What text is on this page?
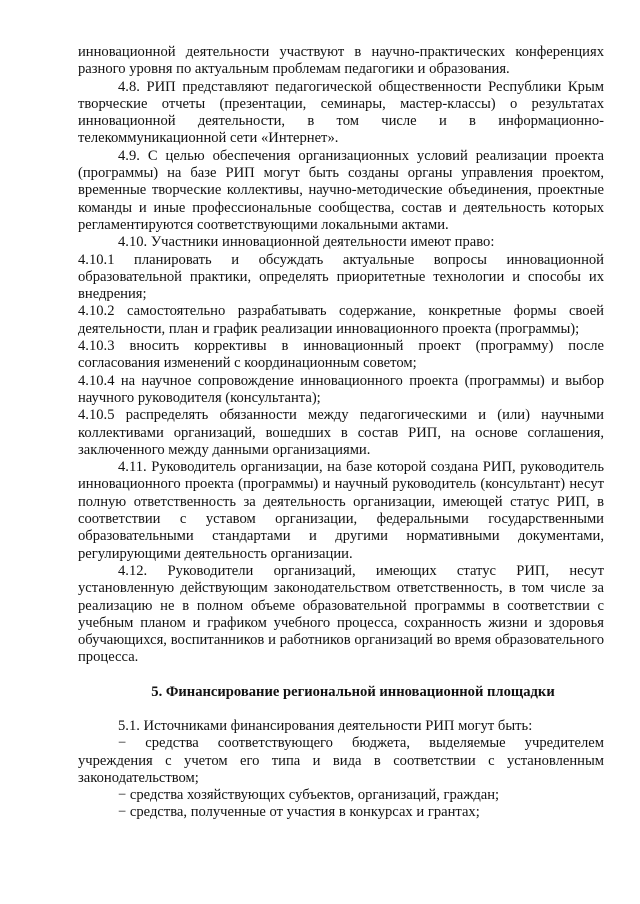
инновационной деятельности участвуют в научно-практических конференциях разного уровня по актуальным проблемам педагогики и образования.

4.8. РИП представляют педагогической общественности Республики Крым творческие отчеты (презентации, семинары, мастер-классы) о результатах инновационной деятельности, в том числе и в информационно-телекоммуникационной сети «Интернет».

4.9. С целью обеспечения организационных условий реализации проекта (программы) на базе РИП могут быть созданы органы управления проектом, временные творческие коллективы, научно-методические объединения, проектные команды и иные профессиональные сообщества, состав и деятельность которых регламентируются соответствующими локальными актами.

4.10. Участники инновационной деятельности имеют право:

4.10.1 планировать и обсуждать актуальные вопросы инновационной образовательной практики, определять приоритетные технологии и способы их внедрения;

4.10.2 самостоятельно разрабатывать содержание, конкретные формы своей деятельности, план и график реализации инновационного проекта (программы);

4.10.3 вносить коррективы в инновационный проект (программу) после согласования изменений с координационным советом;

4.10.4 на научное сопровождение инновационного проекта (программы) и выбор научного руководителя (консультанта);

4.10.5 распределять обязанности между педагогическими и (или) научными коллективами организаций, вошедших в состав РИП, на основе соглашения, заключенного между данными организациями.

4.11. Руководитель организации, на базе которой создана РИП, руководитель инновационного проекта (программы) и научный руководитель (консультант) несут полную ответственность за деятельность организации, имеющей статус РИП, в соответствии с уставом организации, федеральными государственными образовательными стандартами и другими нормативными документами, регулирующими деятельность организации.

4.12. Руководители организаций, имеющих статус РИП, несут установленную действующим законодательством ответственность, в том числе за реализацию не в полном объеме образовательной программы в соответствии с учебным планом и графиком учебного процесса, сохранность жизни и здоровья обучающихся, воспитанников и работников организаций во время образовательного процесса.

5. Финансирование региональной инновационной площадки

5.1. Источниками финансирования деятельности РИП могут быть:

− средства соответствующего бюджета, выделяемые учредителем учреждения с учетом его типа и вида в соответствии с установленным законодательством;

− средства хозяйствующих субъектов, организаций, граждан;

− средства, полученные от участия в конкурсах и грантах;
